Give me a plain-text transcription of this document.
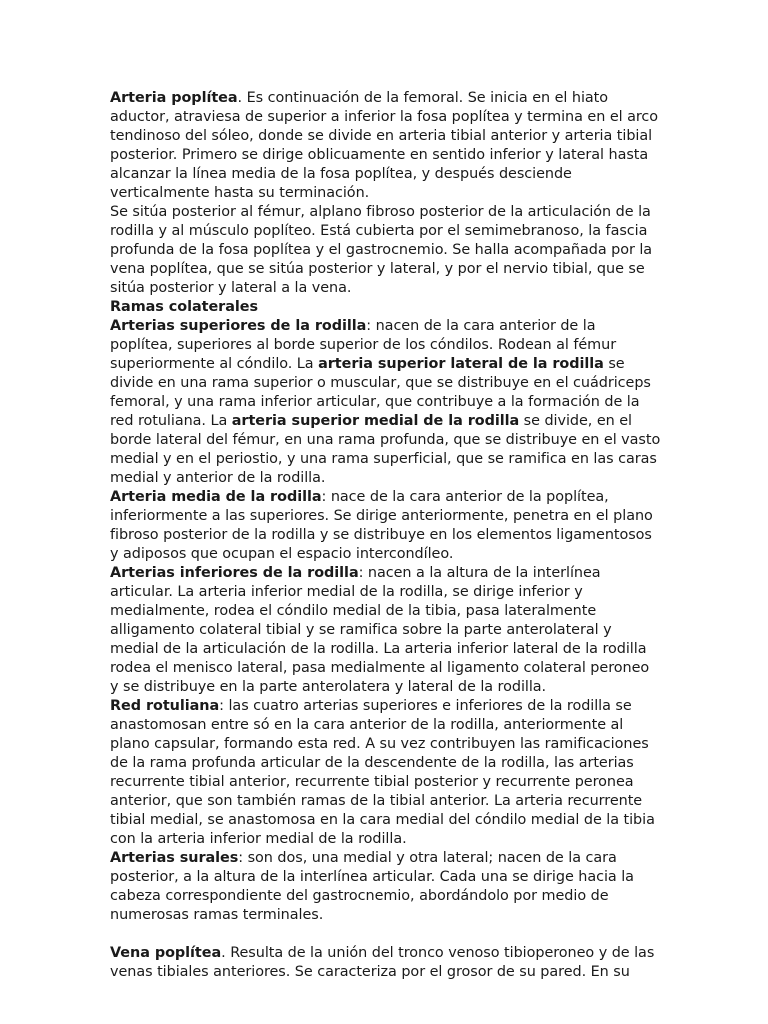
Arteria poplítea. Es continuación de la femoral. Se inicia en el hiato
aductor, atraviesa de superior a inferior la fosa poplítea y termina en el arco
tendinoso del sóleo, donde se divide en arteria tibial anterior y arteria tibial
posterior. Primero se dirige oblicuamente en sentido inferior y lateral hasta
alcanzar la línea media de la fosa poplítea, y después desciende
verticalmente hasta su terminación.
Se sitúa posterior al fémur, alplano fibroso posterior de la articulación de la
rodilla y al músculo poplíteo. Está cubierta por el semimebranoso, la fascia
profunda de la fosa poplítea y el gastrocnemio. Se halla acompañada por la
vena poplítea, que se sitúa posterior y lateral, y por el nervio tibial, que se
sitúa posterior y lateral a la vena.
Ramas colaterales
Arterias superiores de la rodilla: nacen de la cara anterior de la
poplítea, superiores al borde superior de los cóndilos. Rodean al fémur
superiormente al cóndilo. La arteria superior lateral de la rodilla se
divide en una rama superior o muscular, que se distribuye en el cuádriceps
femoral, y una rama inferior articular, que contribuye a la formación de la
red rotuliana. La arteria superior medial de la rodilla se divide, en el
borde lateral del fémur, en una rama profunda, que se distribuye en el vasto
medial y en el periostio, y una rama superficial, que se ramifica en las caras
medial y anterior de la rodilla.
Arteria media de la rodilla: nace de la cara anterior de la poplítea,
inferiormente a las superiores. Se dirige anteriormente, penetra en el plano
fibroso posterior de la rodilla y se distribuye en los elementos ligamentosos
y adiposos que ocupan el espacio intercondíleo.
Arterias inferiores de la rodilla: nacen a la altura de la interlínea
articular. La arteria inferior medial de la rodilla, se dirige inferior y
medialmente, rodea el cóndilo medial de la tibia, pasa lateralmente
alligamento colateral tibial y se ramifica sobre la parte anterolateral y
medial de la articulación de la rodilla. La arteria inferior lateral de la rodilla
rodea el menisco lateral, pasa medialmente al ligamento colateral peroneo
y se distribuye en la parte anterolatera y lateral de la rodilla.
Red rotuliana: las cuatro arterias superiores e inferiores de la rodilla se
anastomosan entre só en la cara anterior de la rodilla, anteriormente al
plano capsular, formando esta red. A su vez contribuyen las ramificaciones
de la rama profunda articular de la descendente de la rodilla, las arterias
recurrente tibial anterior, recurrente tibial posterior y recurrente peronea
anterior, que son también ramas de la tibial anterior. La arteria recurrente
tibial medial, se anastomosa en la cara medial del cóndilo medial de la tibia
con la arteria inferior medial de la rodilla.
Arterias surales: son dos, una medial y otra lateral; nacen de la cara
posterior, a la altura de la interlínea articular. Cada una se dirige hacia la
cabeza correspondiente del gastrocnemio, abordándolo por medio de
numerosas ramas terminales.
Vena poplítea. Resulta de la unión del tronco venoso tibioperoneo y de las
venas tibiales anteriores. Se caracteriza por el grosor de su pared. En su
